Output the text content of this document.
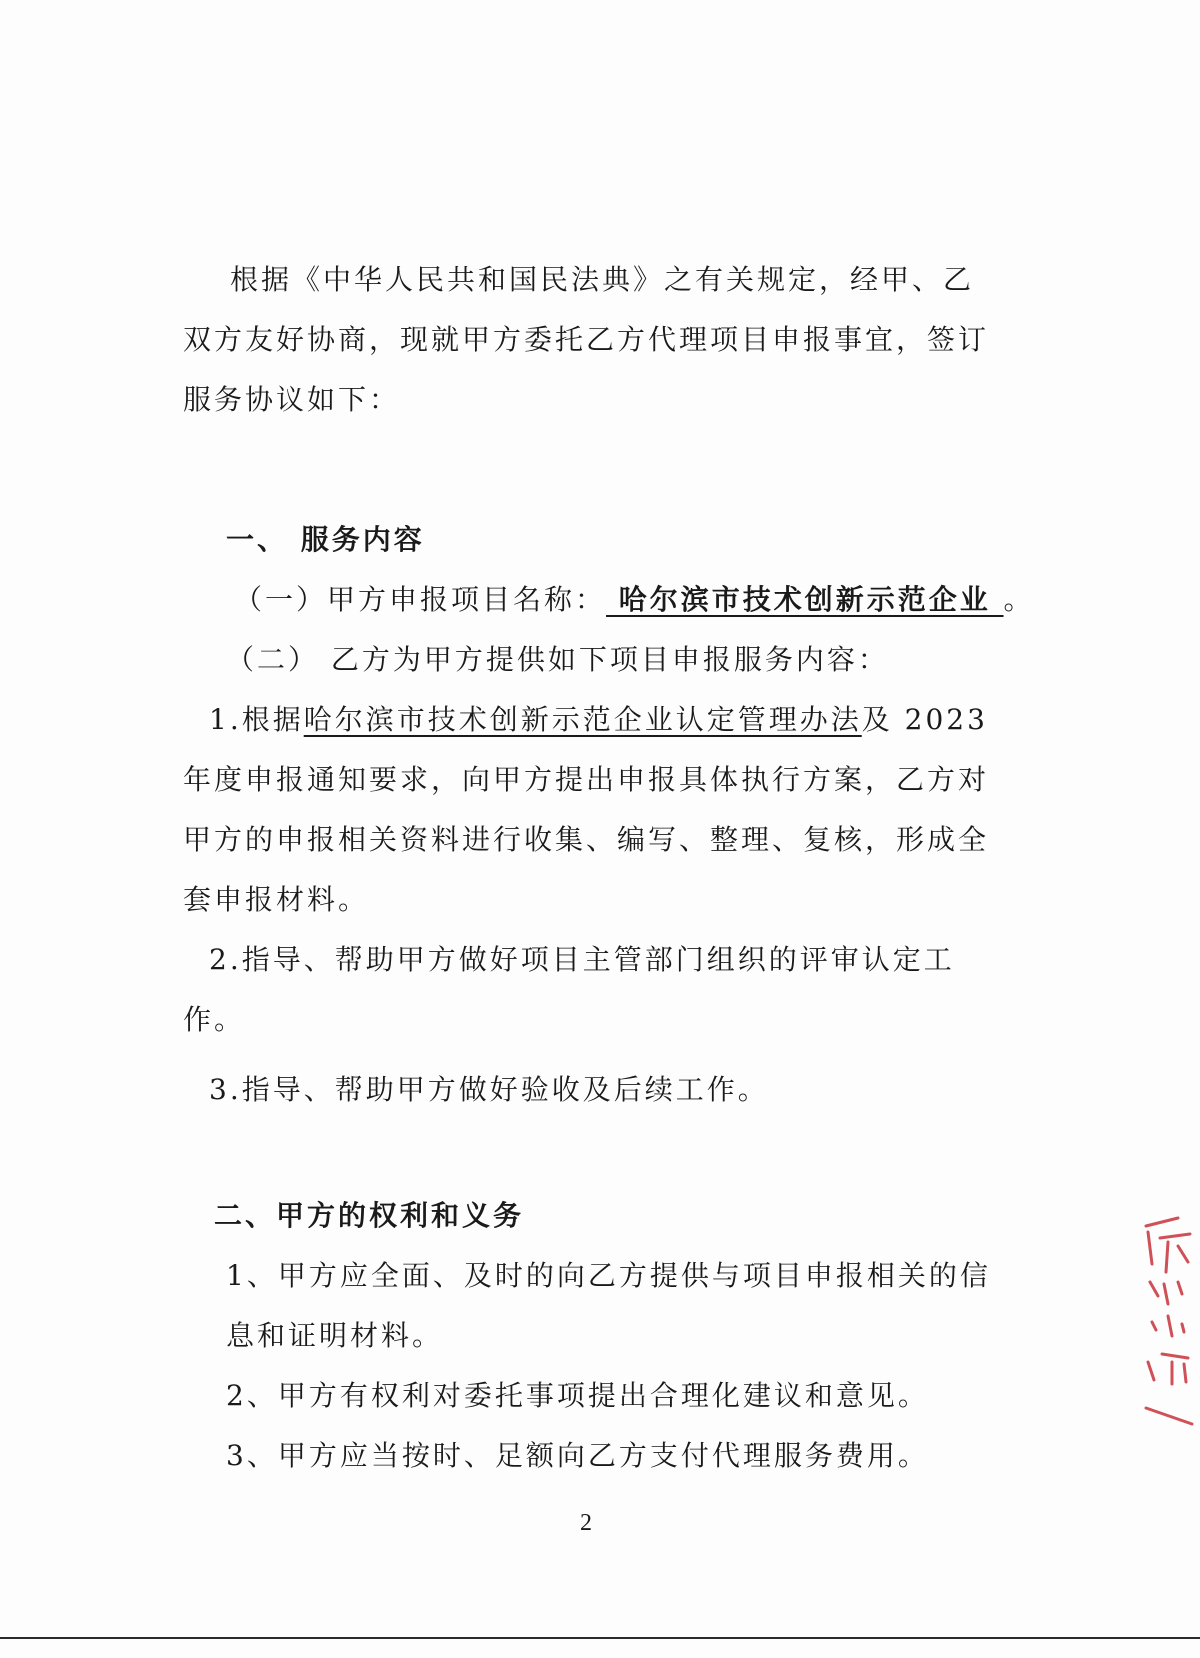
根据《中华人民共和国民法典》之有关规定，经甲、乙
双方友好协商，现就甲方委托乙方代理项目申报事宜，签订
服务协议如下：
一、 服务内容
（一）甲方申报项目名称： 哈尔滨市技术创新示范企业 。
（二） 乙方为甲方提供如下项目申报服务内容：
1.根据哈尔滨市技术创新示范企业认定管理办法及 2023
年度申报通知要求，向甲方提出申报具体执行方案，乙方对
甲方的申报相关资料进行收集、编写、整理、复核，形成全
套申报材料。
2.指导、帮助甲方做好项目主管部门组织的评审认定工
作。
3.指导、帮助甲方做好验收及后续工作。
二、甲方的权利和义务
1、甲方应全面、及时的向乙方提供与项目申报相关的信
息和证明材料。
2、甲方有权利对委托事项提出合理化建议和意见。
3、甲方应当按时、足额向乙方支付代理服务费用。
2
